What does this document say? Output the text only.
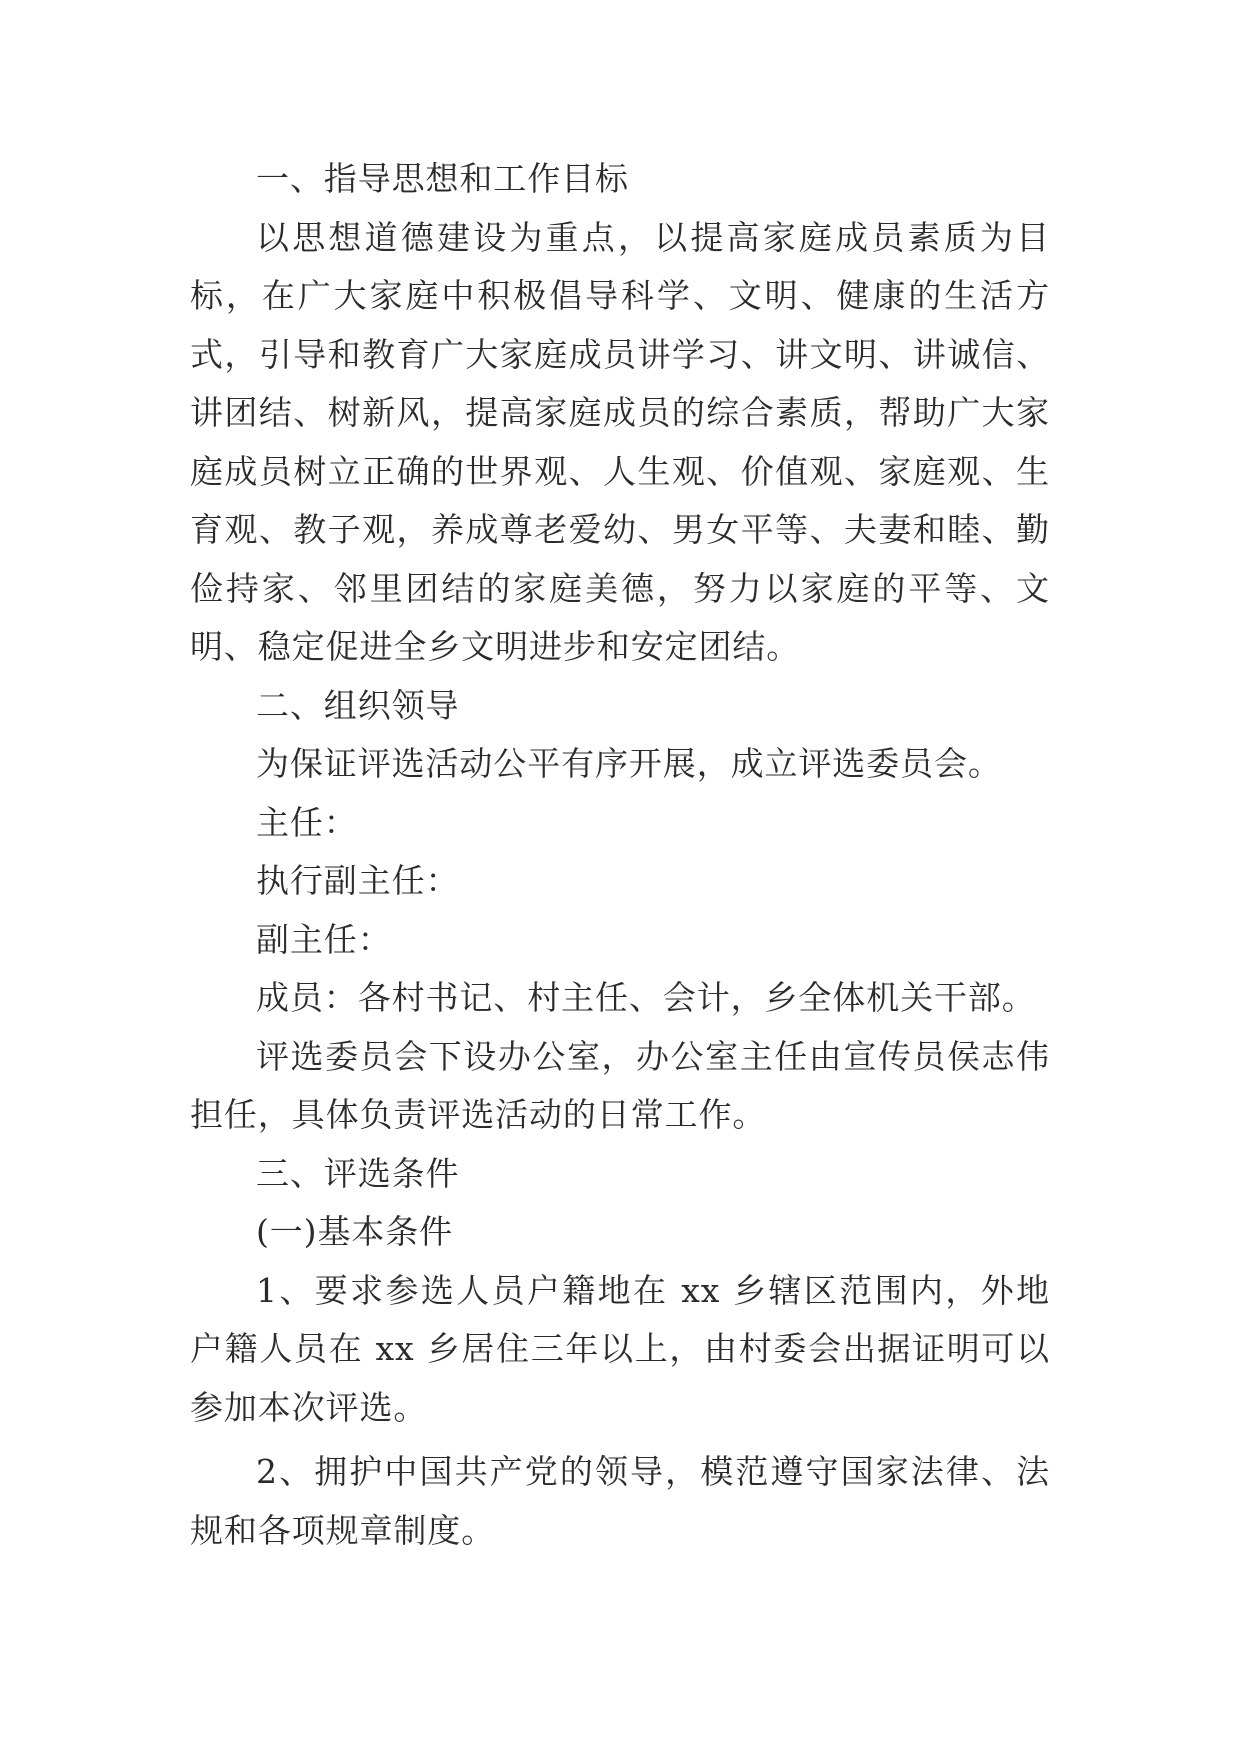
一、指导思想和工作目标

以思想道德建设为重点，以提高家庭成员素质为目标，在广大家庭中积极倡导科学、文明、健康的生活方式，引导和教育广大家庭成员讲学习、讲文明、讲诚信、讲团结、树新风，提高家庭成员的综合素质，帮助广大家庭成员树立正确的世界观、人生观、价值观、家庭观、生育观、教子观，养成尊老爱幼、男女平等、夫妻和睦、勤俭持家、邻里团结的家庭美德，努力以家庭的平等、文明、稳定促进全乡文明进步和安定团结。

二、组织领导

为保证评选活动公平有序开展，成立评选委员会。

主任：

执行副主任：

副主任：

成员：各村书记、村主任、会计，乡全体机关干部。

评选委员会下设办公室，办公室主任由宣传员侯志伟担任，具体负责评选活动的日常工作。

三、评选条件

(一)基本条件

1、要求参选人员户籍地在 xx 乡辖区范围内，外地户籍人员在 xx 乡居住三年以上，由村委会出据证明可以参加本次评选。

2、拥护中国共产党的领导，模范遵守国家法律、法规和各项规章制度。
